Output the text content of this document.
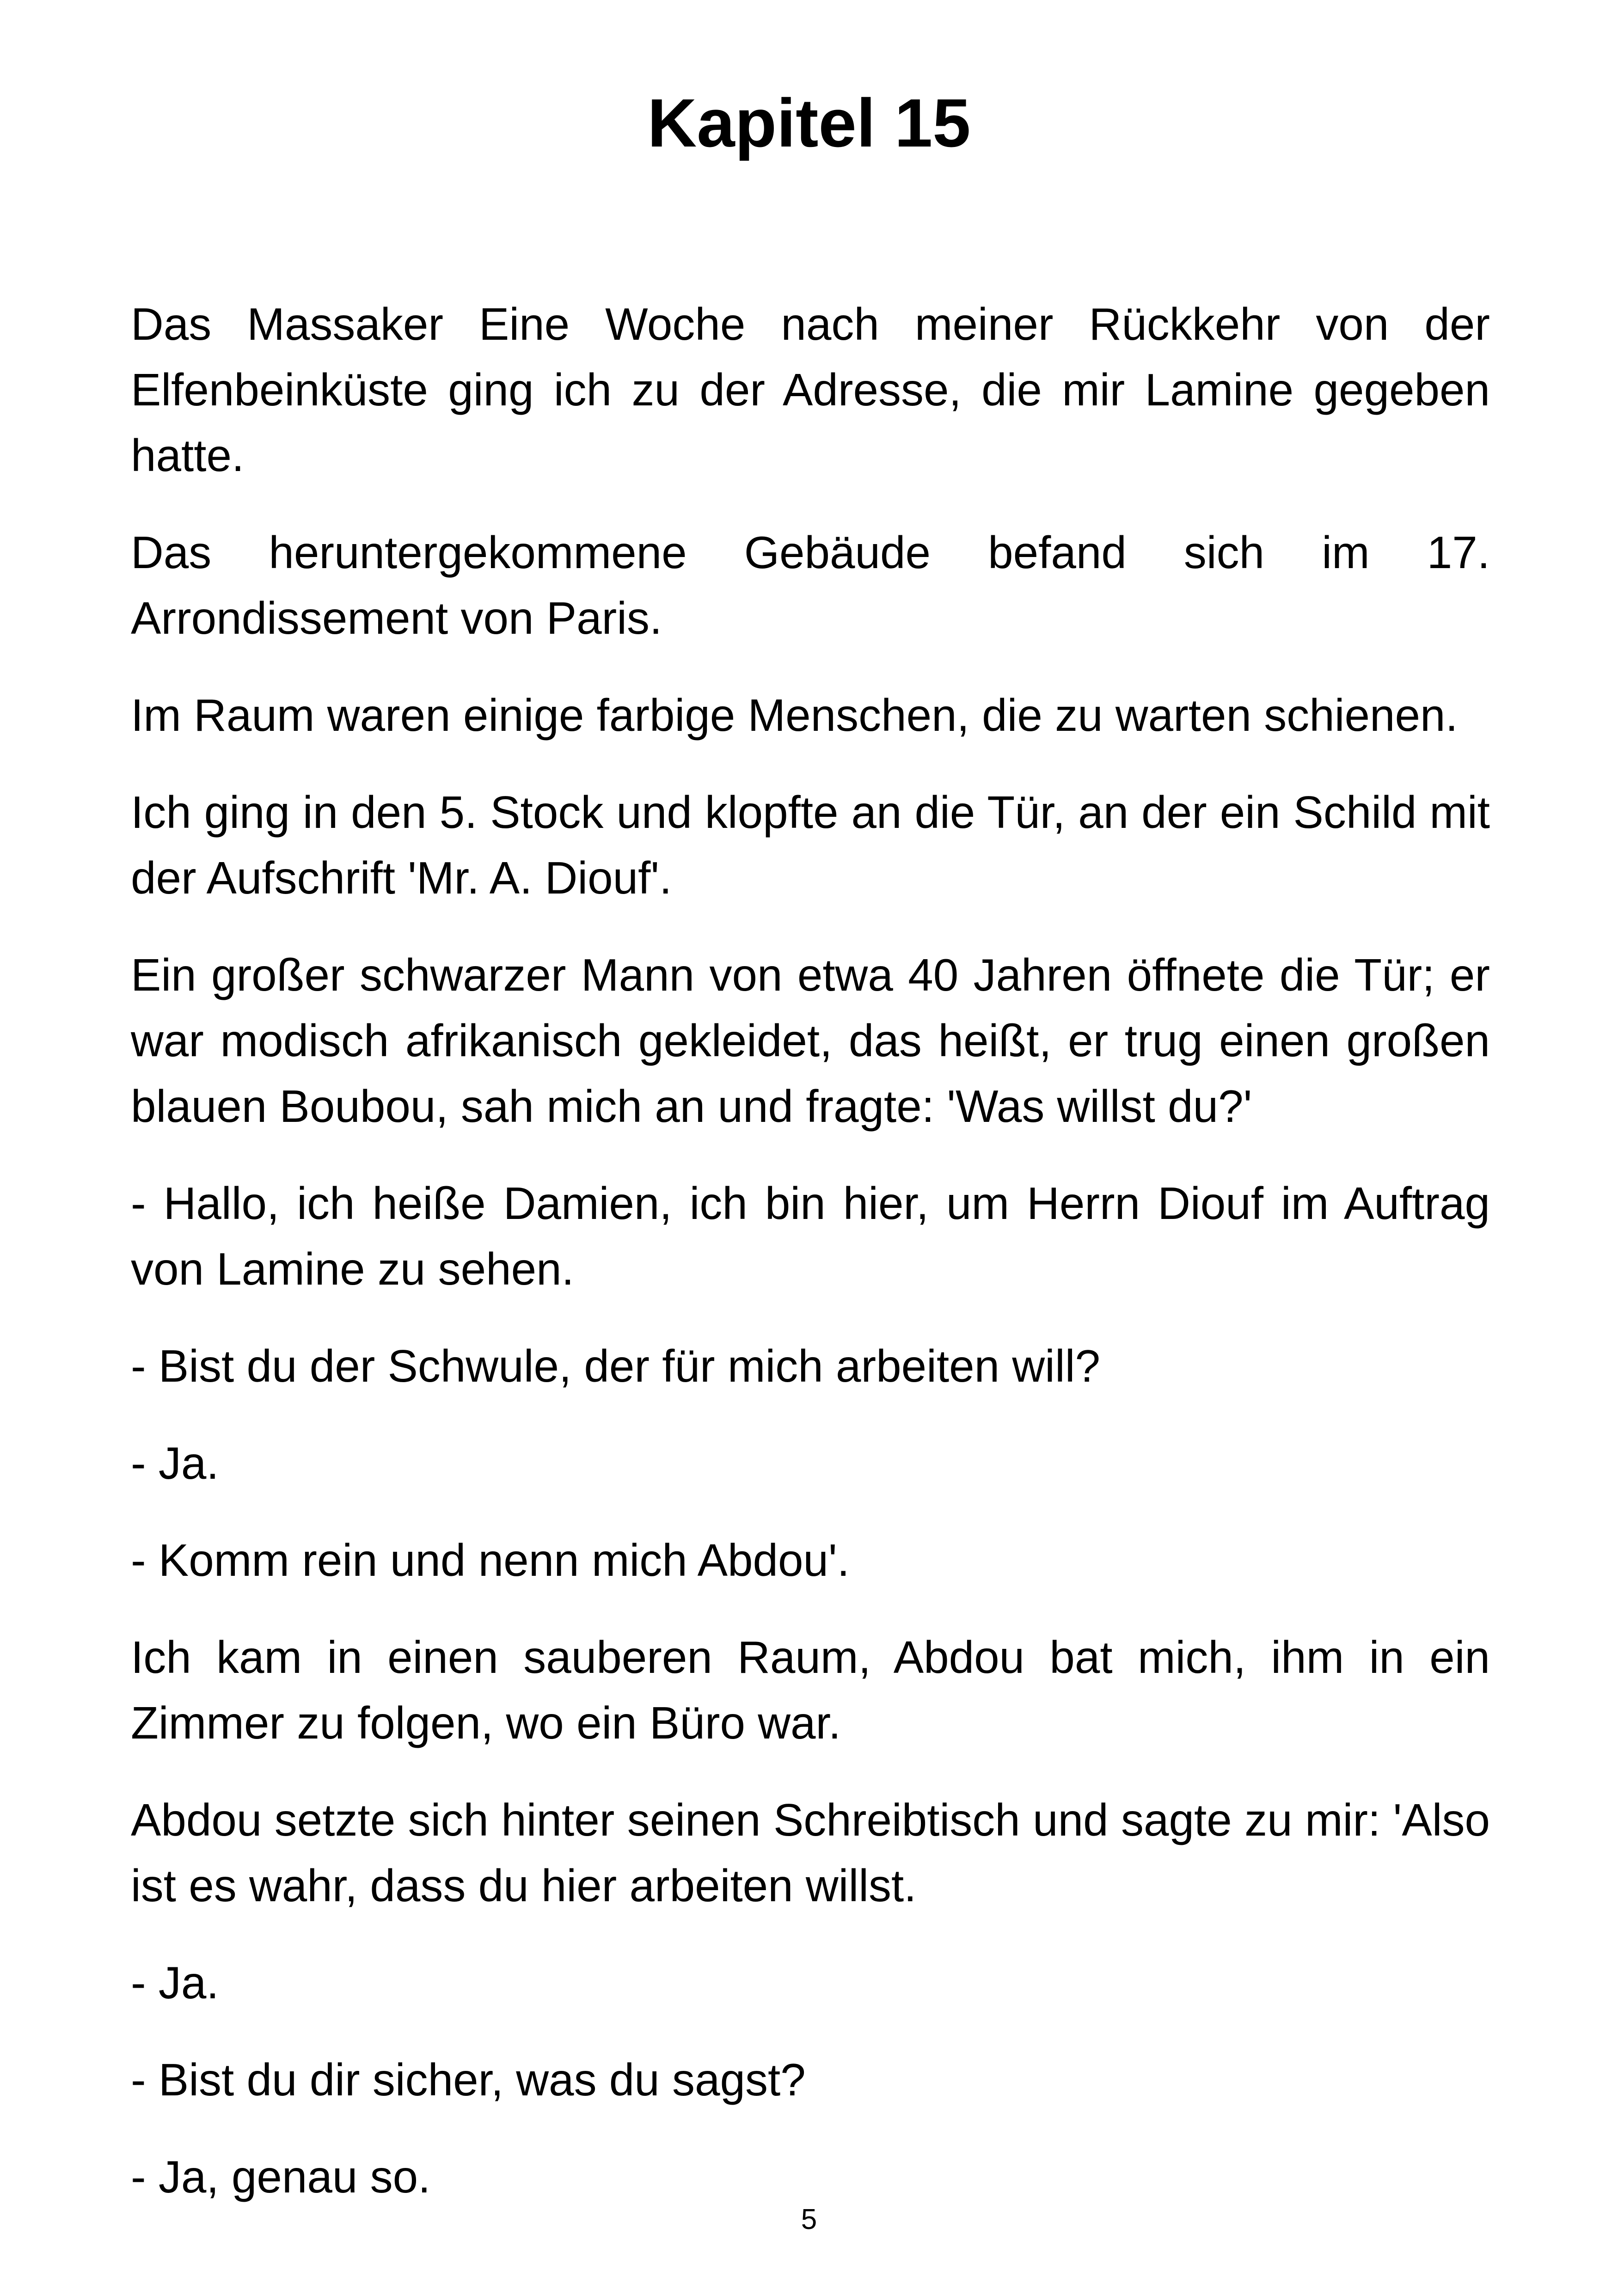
Kapitel 15

Das Massaker Eine Woche nach meiner Rückkehr von der Elfenbeinküste ging ich zu der Adresse, die mir Lamine gegeben hatte.

Das heruntergekommene Gebäude befand sich im 17. Arrondissement von Paris.

Im Raum waren einige farbige Menschen, die zu warten schienen.

Ich ging in den 5. Stock und klopfte an die Tür, an der ein Schild mit der Aufschrift 'Mr. A. Diouf'.

Ein großer schwarzer Mann von etwa 40 Jahren öffnete die Tür; er war modisch afrikanisch gekleidet, das heißt, er trug einen großen blauen Boubou, sah mich an und fragte: 'Was willst du?'

- Hallo, ich heiße Damien, ich bin hier, um Herrn Diouf im Auftrag von Lamine zu sehen.

- Bist du der Schwule, der für mich arbeiten will?

- Ja.

- Komm rein und nenn mich Abdou'.

Ich kam in einen sauberen Raum, Abdou bat mich, ihm in ein Zimmer zu folgen, wo ein Büro war.

Abdou setzte sich hinter seinen Schreibtisch und sagte zu mir: 'Also ist es wahr, dass du hier arbeiten willst.

- Ja.

- Bist du dir sicher, was du sagst?

- Ja, genau so.

5
